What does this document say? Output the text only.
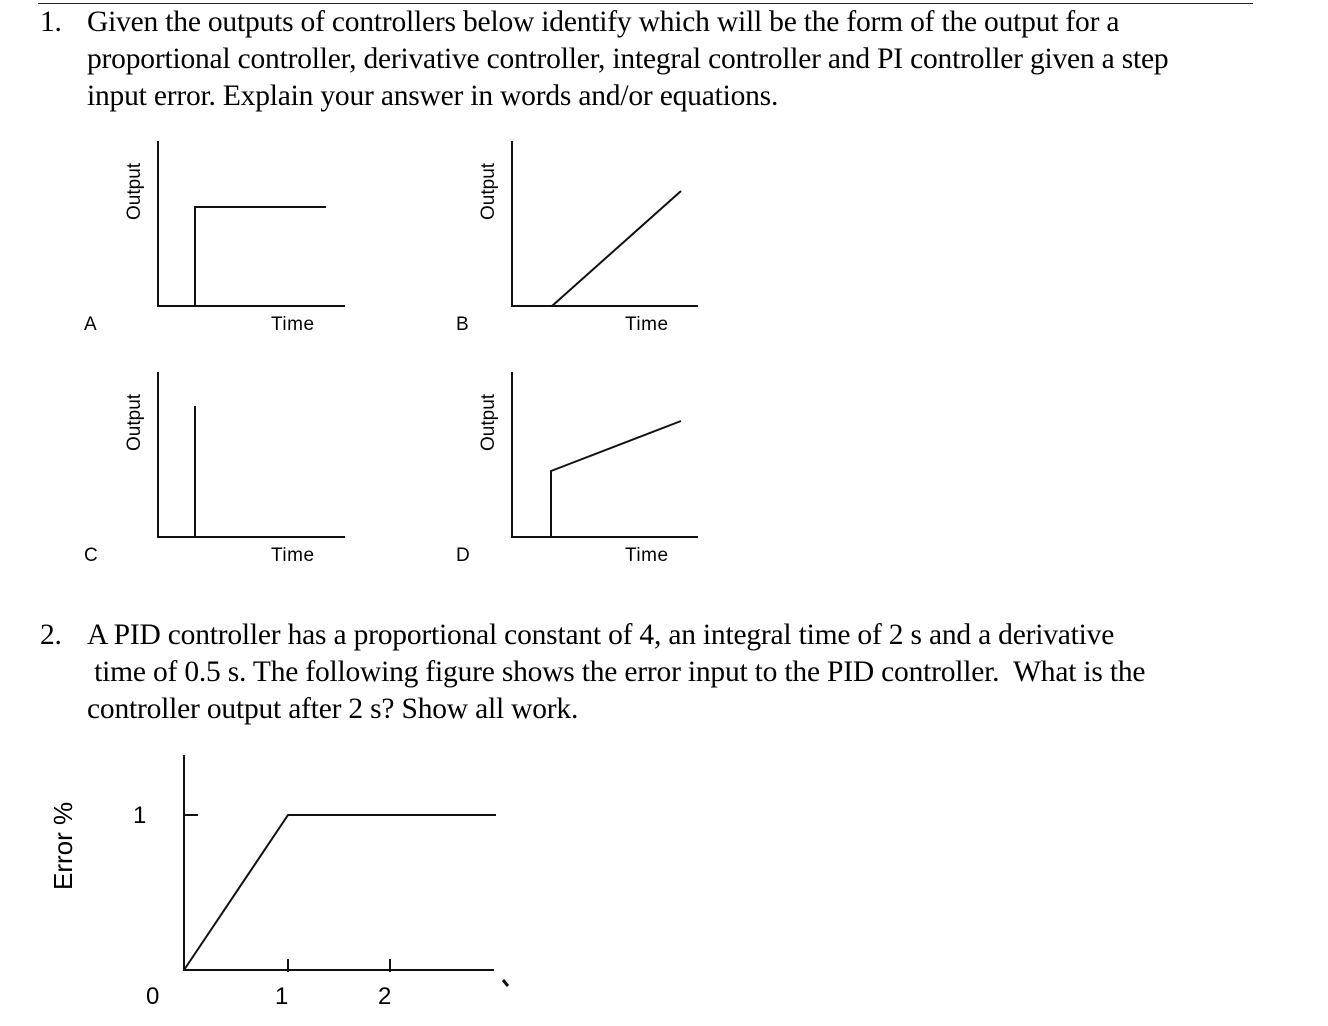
1. Given the outputs of controllers below identify which will be the form of the output for a
proportional controller, derivative controller, integral controller and PI controller given a step
input error. Explain your answer in words and/or equations.
Output
A	Time
Output
B	Time
Output
C	Time
Output
D	Time
2. A PID controller has a proportional constant of 4, an integral time of 2 s and a derivative
time of 0.5 s. The following figure shows the error input to the PID controller.  What is the
controller output after 2 s? Show all work.
Error % 1
0	1	2
